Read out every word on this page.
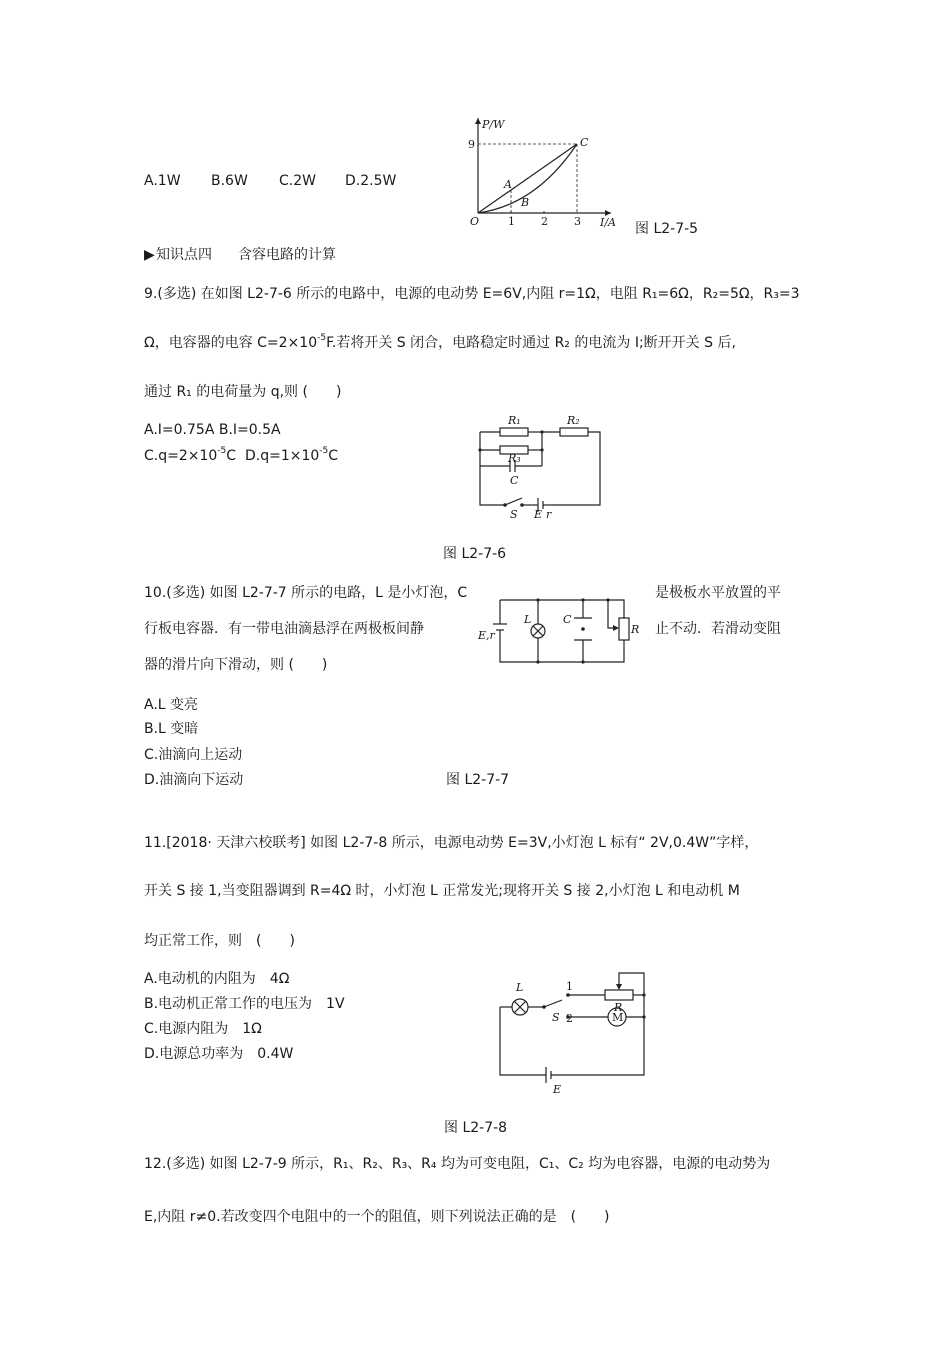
A.1W B.6W C.2W D.2.5W
P/W
I/A
9
1 2 3
O
A
B
C
图 L2-7-5
▶ 知识点四 含容电路的计算
9.(多选) 在如图 L2-7-6 所示的电路中，电源的电动势 E=6V,内阻 r=1Ω，电阻 R₁=6Ω，R₂=5Ω，R₃=3
Ω，电容器的电容 $C=2\times 10^{-5}F$.若将开关 S 闭合，电路稳定时通过 R₂ 的电流为 I;断开开关 S 后,
通过 R₁ 的电荷量为 q,则 (　　)
A.I=0.75A B.I=0.5A
$C.q=2\times 10^{-5}C$ $D.q=1\times 10^{-5}C$
R₁	R₂
R₃
C
S E r
图 L2-7-6
10.(多选) 如图 L2-7-7 所示的电路，L 是小灯泡，C	是极板水平放置的平
行板电容器．有一带电油滴悬浮在两极板间静	止不动．若滑动变阻
器的滑片向下滑动，则 (　　)
A.L 变亮
B.L 变暗
C.油滴向上运动
D.油滴向下运动
E,r
L	C
R
图 L2-7-7
11.[2018· 天津六校联考] 如图 L2-7-8 所示，电源电动势 E=3V,小灯泡 L 标有“ 2V,0.4W”字样，
开关 S 接 1,当变阻器调到 R=4Ω 时，小灯泡 L 正常发光;现将开关 S 接 2,小灯泡 L 和电动机 M
均正常工作，则　(　　)
A.电动机的内阻为　4Ω
B.电动机正常工作的电压为　1V
C.电源内阻为　1Ω
D.电源总功率为　0.4W
L
S
1
2
R
M
E
图 L2-7-8
12.(多选) 如图 L2-7-9 所示，R₁、R₂、R₃、R₄ 均为可变电阻，C₁、C₂ 均为电容器，电源的电动势为
E,内阻 r≠0.若改变四个电阻中的一个的阻值，则下列说法正确的是　(　　)
